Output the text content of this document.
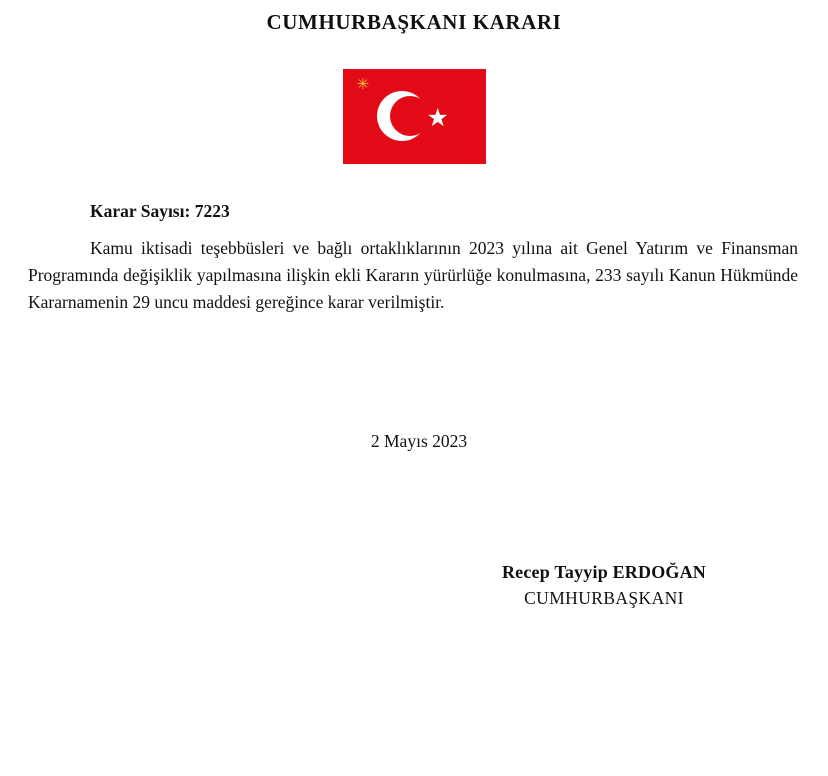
CUMHURBAŞKANI KARARI
✳
★
Karar Sayısı: 7223
Kamu iktisadi teşebbüsleri ve bağlı ortaklıklarının 2023 yılına ait Genel Yatırım ve Finansman Programında değişiklik yapılmasına ilişkin ekli Kararın yürürlüğe konulmasına, 233 sayılı Kanun Hükmünde Kararnamenin 29 uncu maddesi gereğince karar verilmiştir.
2 Mayıs 2023
Recep Tayyip ERDOĞAN
CUMHURBAŞKANI
